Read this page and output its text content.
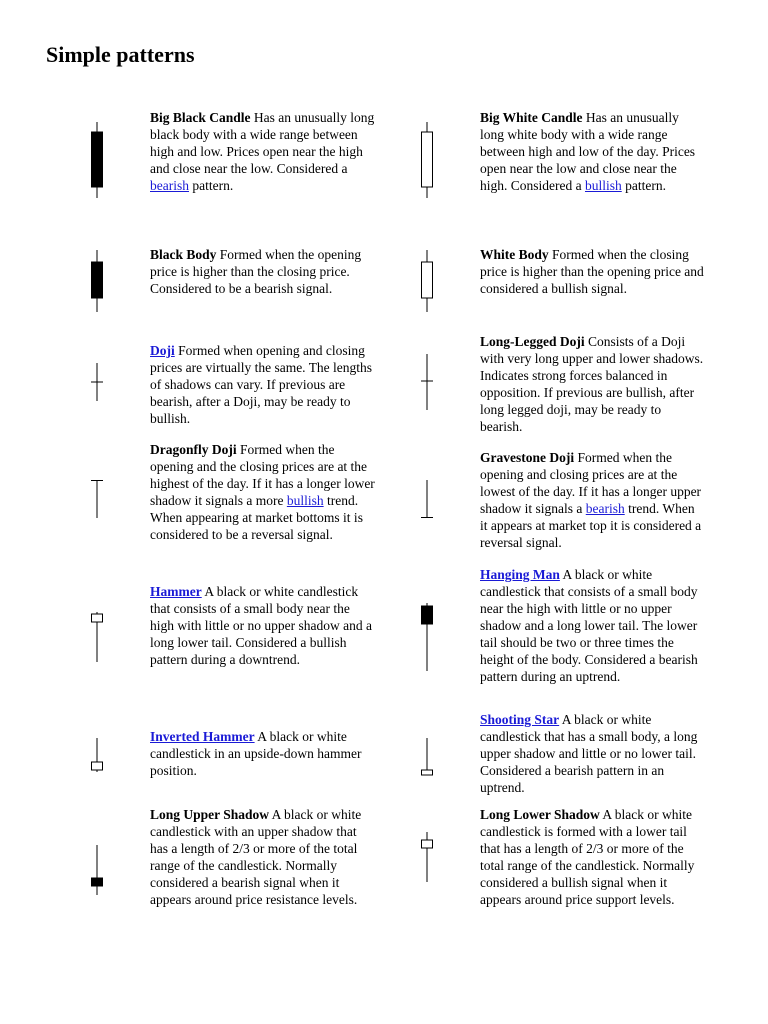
Simple patterns
Big Black Candle Has an unusually long black body with a wide range between high and low. Prices open near the high and close near the low. Considered a bearish pattern.
Big White Candle Has an unusually long white body with a wide range between high and low of the day. Prices open near the low and close near the high. Considered a bullish pattern.
Black Body Formed when the opening price is higher than the closing price. Considered to be a bearish signal.
White Body Formed when the closing price is higher than the opening price and considered a bullish signal.
Doji Formed when opening and closing prices are virtually the same. The lengths of shadows can vary. If previous are bearish, after a Doji, may be ready to bullish.
Long-Legged Doji Consists of a Doji with very long upper and lower shadows. Indicates strong forces balanced in opposition. If previous are bullish, after long legged doji, may be ready to bearish.
Dragonfly Doji Formed when the opening and the closing prices are at the highest of the day. If it has a longer lower shadow it signals a more bullish trend. When appearing at market bottoms it is considered to be a reversal signal.
Gravestone Doji Formed when the opening and closing prices are at the lowest of the day. If it has a longer upper shadow it signals a bearish trend. When it appears at market top it is considered a reversal signal.
Hammer A black or white candlestick that consists of a small body near the high with little or no upper shadow and a long lower tail. Considered a bullish pattern during a downtrend.
Hanging Man A black or white candlestick that consists of a small body near the high with little or no upper shadow and a long lower tail. The lower tail should be two or three times the height of the body. Considered a bearish pattern during an uptrend.
Inverted Hammer A black or white candlestick in an upside-down hammer position.
Shooting Star A black or white candlestick that has a small body, a long upper shadow and little or no lower tail. Considered a bearish pattern in an uptrend.
Long Upper Shadow A black or white candlestick with an upper shadow that has a length of 2/3 or more of the total range of the candlestick. Normally considered a bearish signal when it appears around price resistance levels.
Long Lower Shadow A black or white candlestick is formed with a lower tail that has a length of 2/3 or more of the total range of the candlestick. Normally considered a bullish signal when it appears around price support levels.
